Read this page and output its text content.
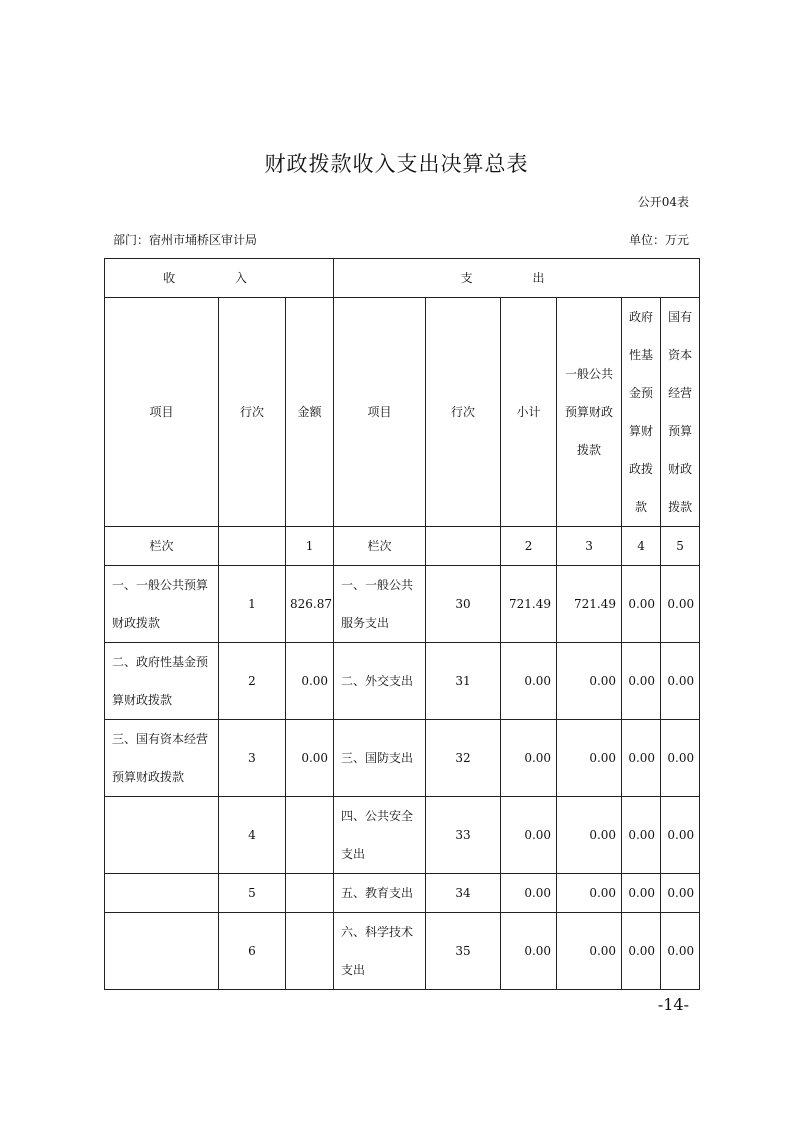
财政拨款收入支出决算总表
公开04表
部门：宿州市埇桥区审计局	单位：万元
收 入			支 出					
项目	行次	金额	项目	行次	小计	一般公共预算财政拨款	政府性基金预算财政拨款	国有资本经营预算财政拨款
栏次		1	栏次		2	3	4	5
一、一般公共预算财政拨款	1	826.87	一、一般公共服务支出	30	721.49	721.49	0.00	0.00
二、政府性基金预算财政拨款	2	0.00	二、外交支出	31	0.00	0.00	0.00	0.00
三、国有资本经营预算财政拨款	3	0.00	三、国防支出	32	0.00	0.00	0.00	0.00
	4		四、公共安全支出	33	0.00	0.00	0.00	0.00
	5		五、教育支出	34	0.00	0.00	0.00	0.00
	6		六、科学技术支出	35	0.00	0.00	0.00	0.00
-14-
